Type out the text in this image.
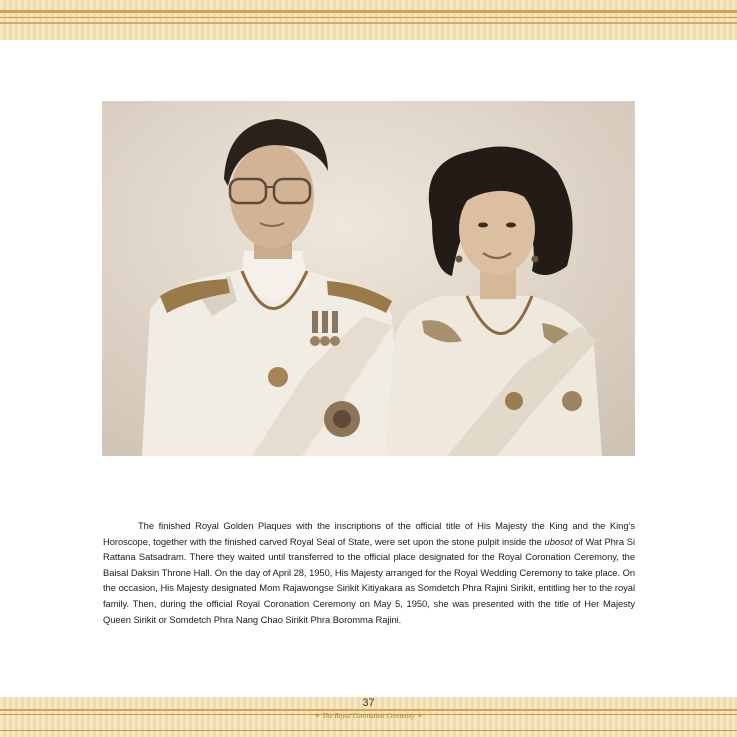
The finished Royal Golden Plaques with the inscriptions of the official title of His Majesty the King and the King’s Horoscope, together with the finished carved Royal Seal of State, were set upon the stone pulpit inside the ubosot of Wat Phra Si Rattana Satsadram. There they waited until transferred to the official place designated for the Royal Coronation Ceremony, the Baisal Daksin Throne Hall. On the day of April 28, 1950, His Majesty arranged for the Royal Wedding Ceremony to take place. On the occasion, His Majesty designated Mom Rajawongse Sirikit Kitiyakara as Somdetch Phra Rajini Sirikit, entitling her to the royal family. Then, during the official Royal Coronation Ceremony on May 5, 1950, she was presented with the title of Her Majesty Queen Sirikit or Somdetch Phra Nang Chao Sirikit Phra Boromma Rajini.

37
✦ The Royal Coronation Ceremony ✦
